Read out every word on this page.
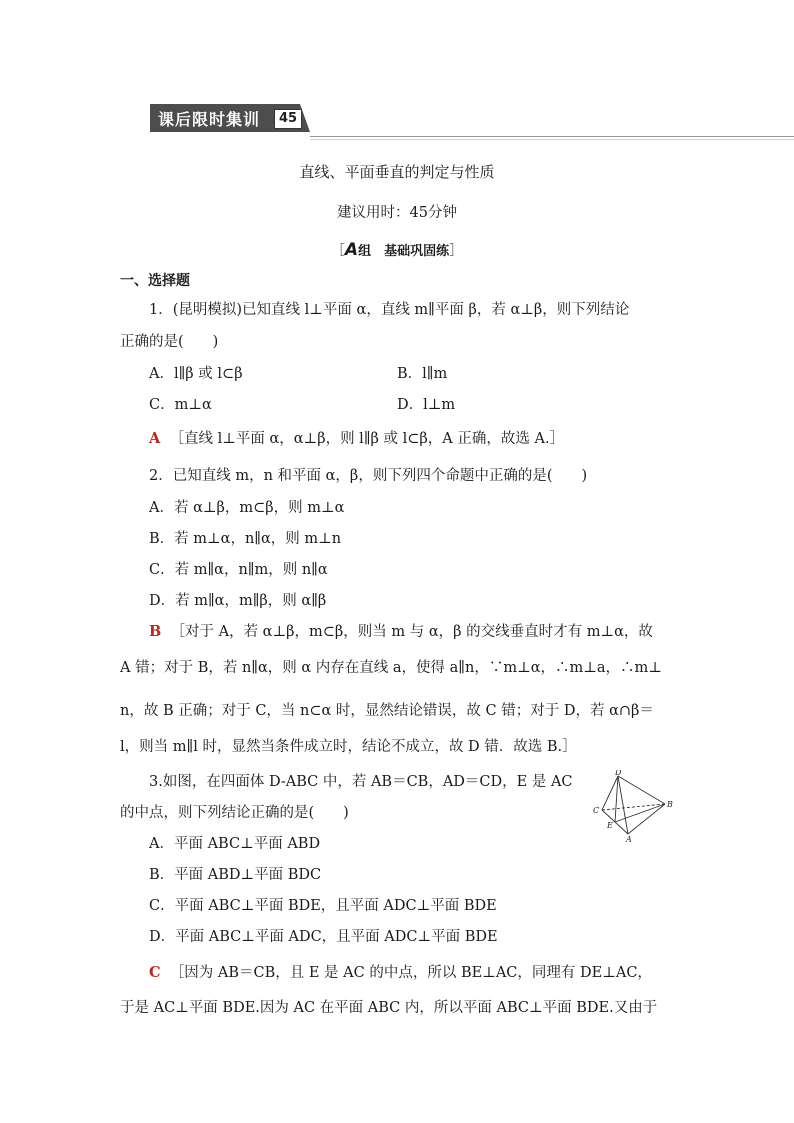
课后限时集训	45
直线、平面垂直的判定与性质
建议用时：45分钟
［A组　基础巩固练］
一、选择题
1．(昆明模拟)已知直线 l⊥平面 α，直线 m∥平面 β，若 α⊥β，则下列结论
正确的是(　　)
A．l∥β 或 l⊂β	B．l∥m
C．m⊥α	D．l⊥m
A ［直线 l⊥平面 α，α⊥β，则 l∥β 或 l⊂β，A 正确，故选 A.］
2．已知直线 m，n 和平面 α，β，则下列四个命题中正确的是(　　)
A．若 α⊥β，m⊂β，则 m⊥α
B．若 m⊥α，n∥α，则 m⊥n
C．若 m∥α，n∥m，则 n∥α
D．若 m∥α，m∥β，则 α∥β
B ［对于 A，若 α⊥β，m⊂β，则当 m 与 α，β 的交线垂直时才有 m⊥α，故
A 错；对于 B，若 n∥α，则 α 内存在直线 a，使得 a∥n，∵m⊥α，∴m⊥a，∴m⊥
n，故 B 正确；对于 C，当 n⊂α 时，显然结论错误，故 C 错；对于 D，若 α∩β＝
l，则当 m∥l 时，显然当条件成立时，结论不成立，故 D 错．故选 B.］
3.如图，在四面体 D-ABC 中，若 AB＝CB，AD＝CD，E 是 AC
的中点，则下列结论正确的是(　　)
A．平面 ABC⊥平面 ABD
B．平面 ABD⊥平面 BDC
C．平面 ABC⊥平面 BDE，且平面 ADC⊥平面 BDE
D．平面 ABC⊥平面 ADC，且平面 ADC⊥平面 BDE
C ［因为 AB＝CB，且 E 是 AC 的中点，所以 BE⊥AC，同理有 DE⊥AC，
于是 AC⊥平面 BDE.因为 AC 在平面 ABC 内，所以平面 ABC⊥平面 BDE.又由于
D
C
B
E
A
